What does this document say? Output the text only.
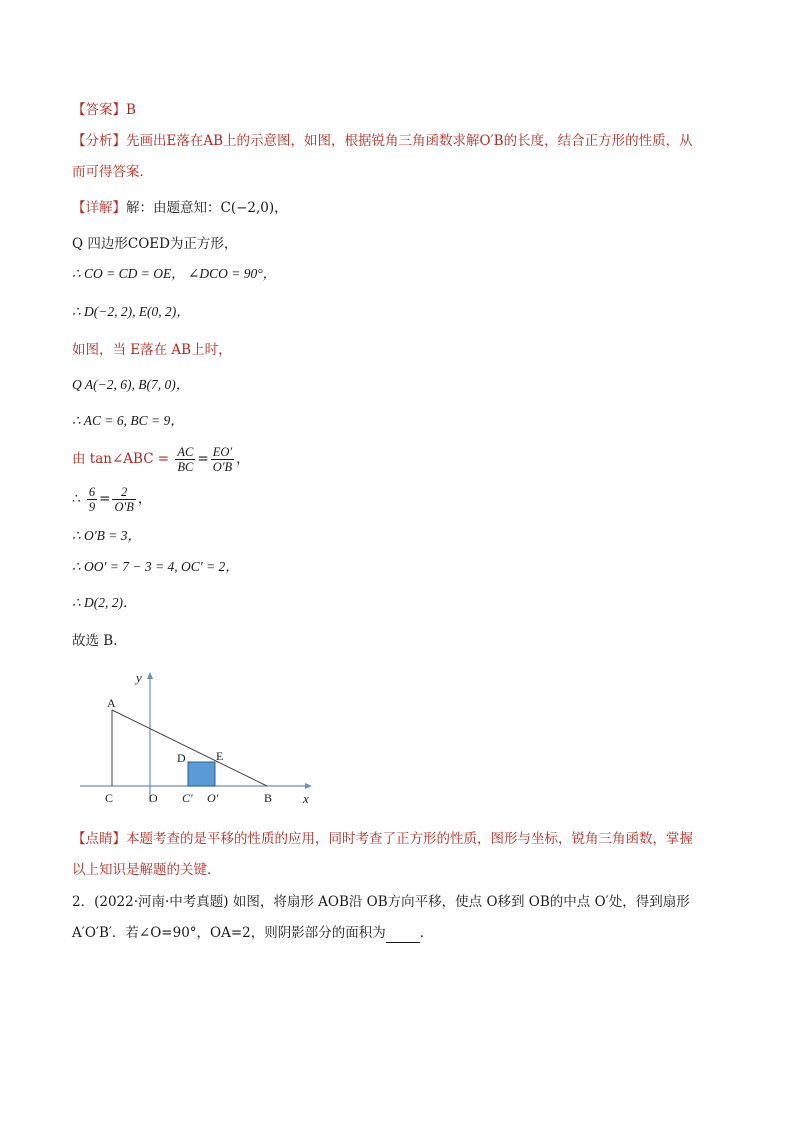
【答案】B
【分析】先画出E落在AB上的示意图，如图，根据锐角三角函数求解O′B的长度，结合正方形的性质，从
而可得答案．
【详解】解：由题意知：C(−2,0)，
Q 四边形COED为正方形，
∴ CO = CD = OE， ∠DCO = 90°，
∴ D(−2, 2), E(0, 2)，
如图，当 E落在 AB上时，
Q A(−2, 6), B(7, 0)，
∴ AC = 6, BC = 9，
由 tan∠ABC = $\frac{AC}{BC} = \frac{EO'}{O'B}$ ，
∴ $\frac{6}{9} = \frac{2}{O'B}$ ，
∴ O′B = 3，
∴ OO′ = 7 − 3 = 4, OC′ = 2，
∴ D(2, 2)．
故选 B.
y
A
D	E
C	O C′ O′	B x
【点睛】本题考查的是平移的性质的应用，同时考查了正方形的性质，图形与坐标，锐角三角函数，掌握
以上知识是解题的关键．
2．(2022·河南·中考真题) 如图，将扇形 AOB沿 OB方向平移，使点 O移到 OB的中点 O′处，得到扇形
A′O′B′．若∠O=90°，OA=2，则阴影部分的面积为	．
